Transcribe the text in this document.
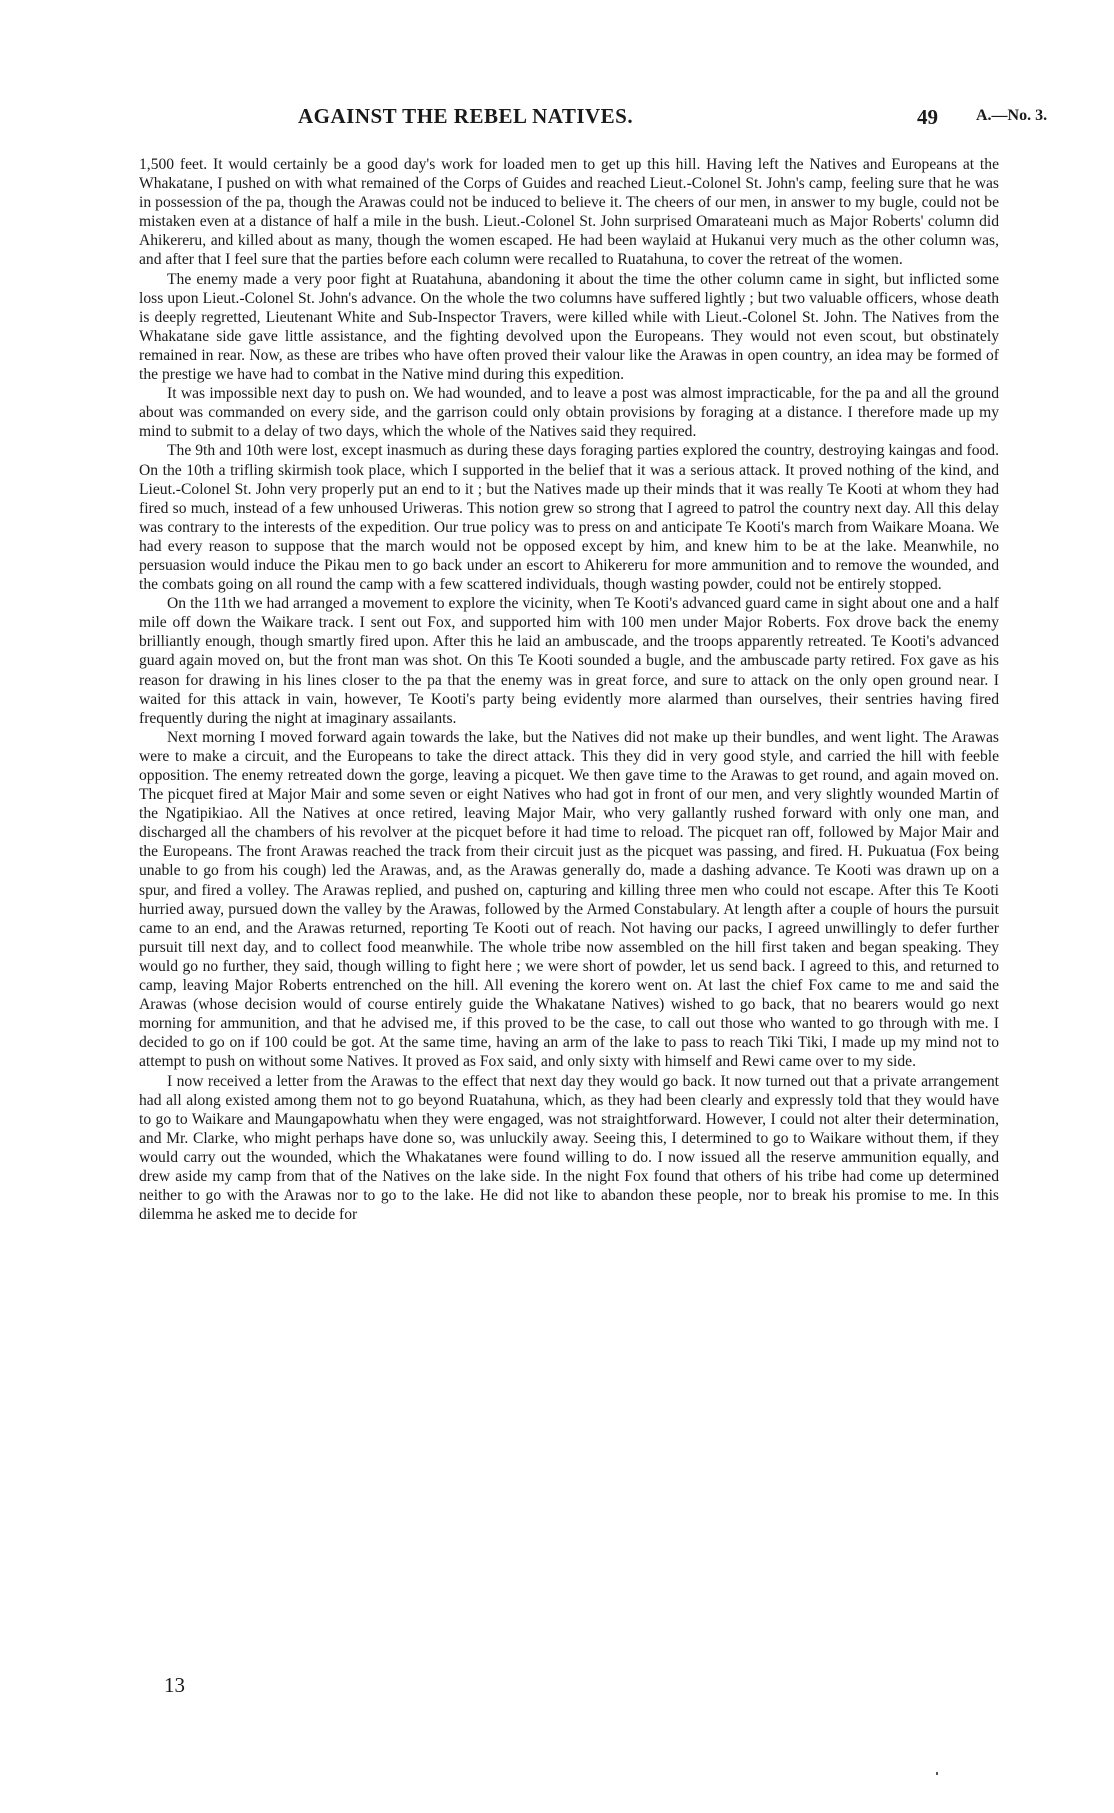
AGAINST THE REBEL NATIVES.	49 A.—No. 3.

1,500 feet. It would certainly be a good day's work for loaded men to get up this hill. Having left the Natives and Europeans at the Whakatane, I pushed on with what remained of the Corps of Guides and reached Lieut.-Colonel St. John's camp, feeling sure that he was in possession of the pa, though the Arawas could not be induced to believe it. The cheers of our men, in answer to my bugle, could not be mistaken even at a distance of half a mile in the bush. Lieut.-Colonel St. John surprised Omarateani much as Major Roberts' column did Ahikereru, and killed about as many, though the women escaped. He had been waylaid at Hukanui very much as the other column was, and after that I feel sure that the parties before each column were recalled to Ruatahuna, to cover the retreat of the women.

The enemy made a very poor fight at Ruatahuna, abandoning it about the time the other column came in sight, but inflicted some loss upon Lieut.-Colonel St. John's advance. On the whole the two columns have suffered lightly ; but two valuable officers, whose death is deeply regretted, Lieutenant White and Sub-Inspector Travers, were killed while with Lieut.-Colonel St. John. The Natives from the Whakatane side gave little assistance, and the fighting devolved upon the Europeans. They would not even scout, but obstinately remained in rear. Now, as these are tribes who have often proved their valour like the Arawas in open country, an idea may be formed of the prestige we have had to combat in the Native mind during this expedition.

It was impossible next day to push on. We had wounded, and to leave a post was almost impracticable, for the pa and all the ground about was commanded on every side, and the garrison could only obtain provisions by foraging at a distance. I therefore made up my mind to submit to a delay of two days, which the whole of the Natives said they required.

The 9th and 10th were lost, except inasmuch as during these days foraging parties explored the country, destroying kaingas and food. On the 10th a trifling skirmish took place, which I supported in the belief that it was a serious attack. It proved nothing of the kind, and Lieut.-Colonel St. John very properly put an end to it ; but the Natives made up their minds that it was really Te Kooti at whom they had fired so much, instead of a few unhoused Uriweras. This notion grew so strong that I agreed to patrol the country next day. All this delay was contrary to the interests of the expedition. Our true policy was to press on and anticipate Te Kooti's march from Waikare Moana. We had every reason to suppose that the march would not be opposed except by him, and knew him to be at the lake. Meanwhile, no persuasion would induce the Pikau men to go back under an escort to Ahikereru for more ammunition and to remove the wounded, and the combats going on all round the camp with a few scattered individuals, though wasting powder, could not be entirely stopped.

On the 11th we had arranged a movement to explore the vicinity, when Te Kooti's advanced guard came in sight about one and a half mile off down the Waikare track. I sent out Fox, and supported him with 100 men under Major Roberts. Fox drove back the enemy brilliantly enough, though smartly fired upon. After this he laid an ambuscade, and the troops apparently retreated. Te Kooti's advanced guard again moved on, but the front man was shot. On this Te Kooti sounded a bugle, and the ambuscade party retired. Fox gave as his reason for drawing in his lines closer to the pa that the enemy was in great force, and sure to attack on the only open ground near. I waited for this attack in vain, however, Te Kooti's party being evidently more alarmed than ourselves, their sentries having fired frequently during the night at imaginary assailants.

Next morning I moved forward again towards the lake, but the Natives did not make up their bundles, and went light. The Arawas were to make a circuit, and the Europeans to take the direct attack. This they did in very good style, and carried the hill with feeble opposition. The enemy retreated down the gorge, leaving a picquet. We then gave time to the Arawas to get round, and again moved on. The picquet fired at Major Mair and some seven or eight Natives who had got in front of our men, and very slightly wounded Martin of the Ngatipikiao. All the Natives at once retired, leaving Major Mair, who very gallantly rushed forward with only one man, and discharged all the chambers of his revolver at the picquet before it had time to reload. The picquet ran off, followed by Major Mair and the Europeans. The front Arawas reached the track from their circuit just as the picquet was passing, and fired. H. Pukuatua (Fox being unable to go from his cough) led the Arawas, and, as the Arawas generally do, made a dashing advance. Te Kooti was drawn up on a spur, and fired a volley. The Arawas replied, and pushed on, capturing and killing three men who could not escape. After this Te Kooti hurried away, pursued down the valley by the Arawas, followed by the Armed Constabulary. At length after a couple of hours the pursuit came to an end, and the Arawas returned, reporting Te Kooti out of reach. Not having our packs, I agreed unwillingly to defer further pursuit till next day, and to collect food meanwhile. The whole tribe now assembled on the hill first taken and began speaking. They would go no further, they said, though willing to fight here ; we were short of powder, let us send back. I agreed to this, and returned to camp, leaving Major Roberts entrenched on the hill. All evening the korero went on. At last the chief Fox came to me and said the Arawas (whose decision would of course entirely guide the Whakatane Natives) wished to go back, that no bearers would go next morning for ammunition, and that he advised me, if this proved to be the case, to call out those who wanted to go through with me. I decided to go on if 100 could be got. At the same time, having an arm of the lake to pass to reach Tiki Tiki, I made up my mind not to attempt to push on without some Natives. It proved as Fox said, and only sixty with himself and Rewi came over to my side.

I now received a letter from the Arawas to the effect that next day they would go back. It now turned out that a private arrangement had all along existed among them not to go beyond Ruatahuna, which, as they had been clearly and expressly told that they would have to go to Waikare and Maungapowhatu when they were engaged, was not straightforward. However, I could not alter their determination, and Mr. Clarke, who might perhaps have done so, was unluckily away. Seeing this, I determined to go to Waikare without them, if they would carry out the wounded, which the Whakatanes were found willing to do. I now issued all the reserve ammunition equally, and drew aside my camp from that of the Natives on the lake side. In the night Fox found that others of his tribe had come up determined neither to go with the Arawas nor to go to the lake. He did not like to abandon these people, nor to break his promise to me. In this dilemma he asked me to decide for

13
